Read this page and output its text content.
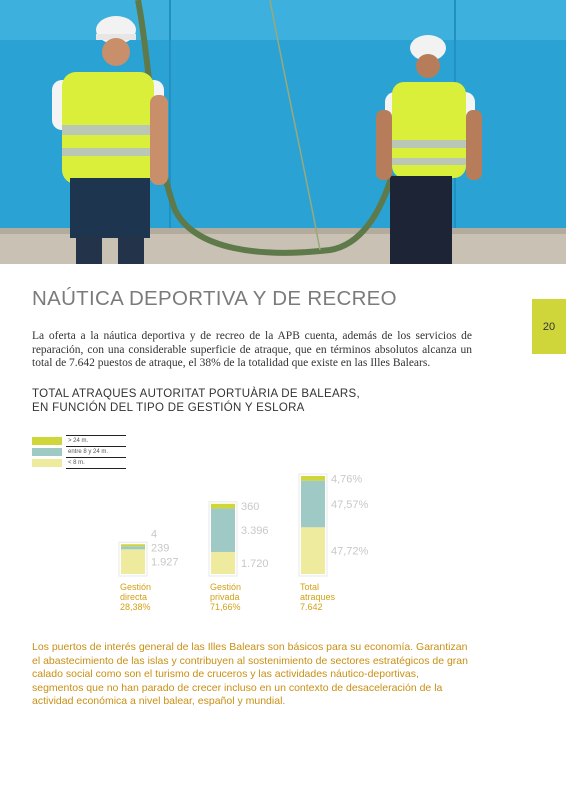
20
NAÚTICA DEPORTIVA Y DE RECREO
La oferta a la náutica deportiva y de recreo de la APB cuenta, además de los servicios de reparación, con una considerable superficie de atraque, que en términos absolutos alcanza un total de 7.642 puestos de atraque, el 38% de la totalidad que existe en las Illes Balears.
TOTAL ATRAQUES AUTORITAT PORTUÀRIA DE BALEARS,
EN FUNCIÓN DEL TIPO DE GESTIÓN Y ESLORA
> 24 m.
entre 8 y 24 m.
< 8 m.
1.927
239
4
Gestión
directa
28,38%
1.720
3.396
360
Gestión
privada
71,66%
47,72%
47,57%
4,76%
Total
atraques
7.642
Los puertos de interés general de las Illes Balears son básicos para su economía. Garantizan el abastecimiento de las islas y contribuyen al sostenimiento de sectores estratégicos de gran calado social como son el turismo de cruceros y las actividades náutico-deportivas, segmentos que no han parado de crecer incluso en un contexto de desaceleración de la actividad económica a nivel balear, español y mundial.
